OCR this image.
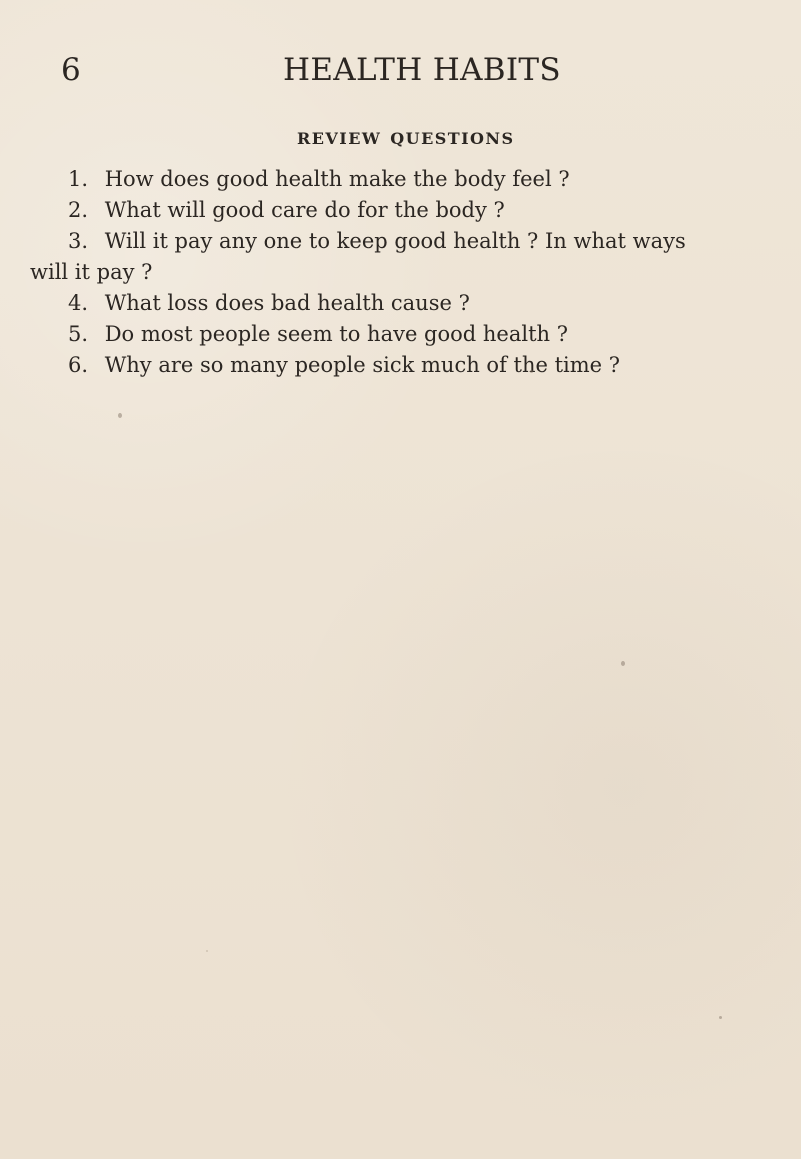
6	HEALTH HABITS
REVIEW QUESTIONS
1. How does good health make the body feel ?
2. What will good care do for the body ?
3. Will it pay any one to keep good health ? In what ways
will it pay ?
4. What loss does bad health cause ?
5. Do most people seem to have good health ?
6. Why are so many people sick much of the time ?
